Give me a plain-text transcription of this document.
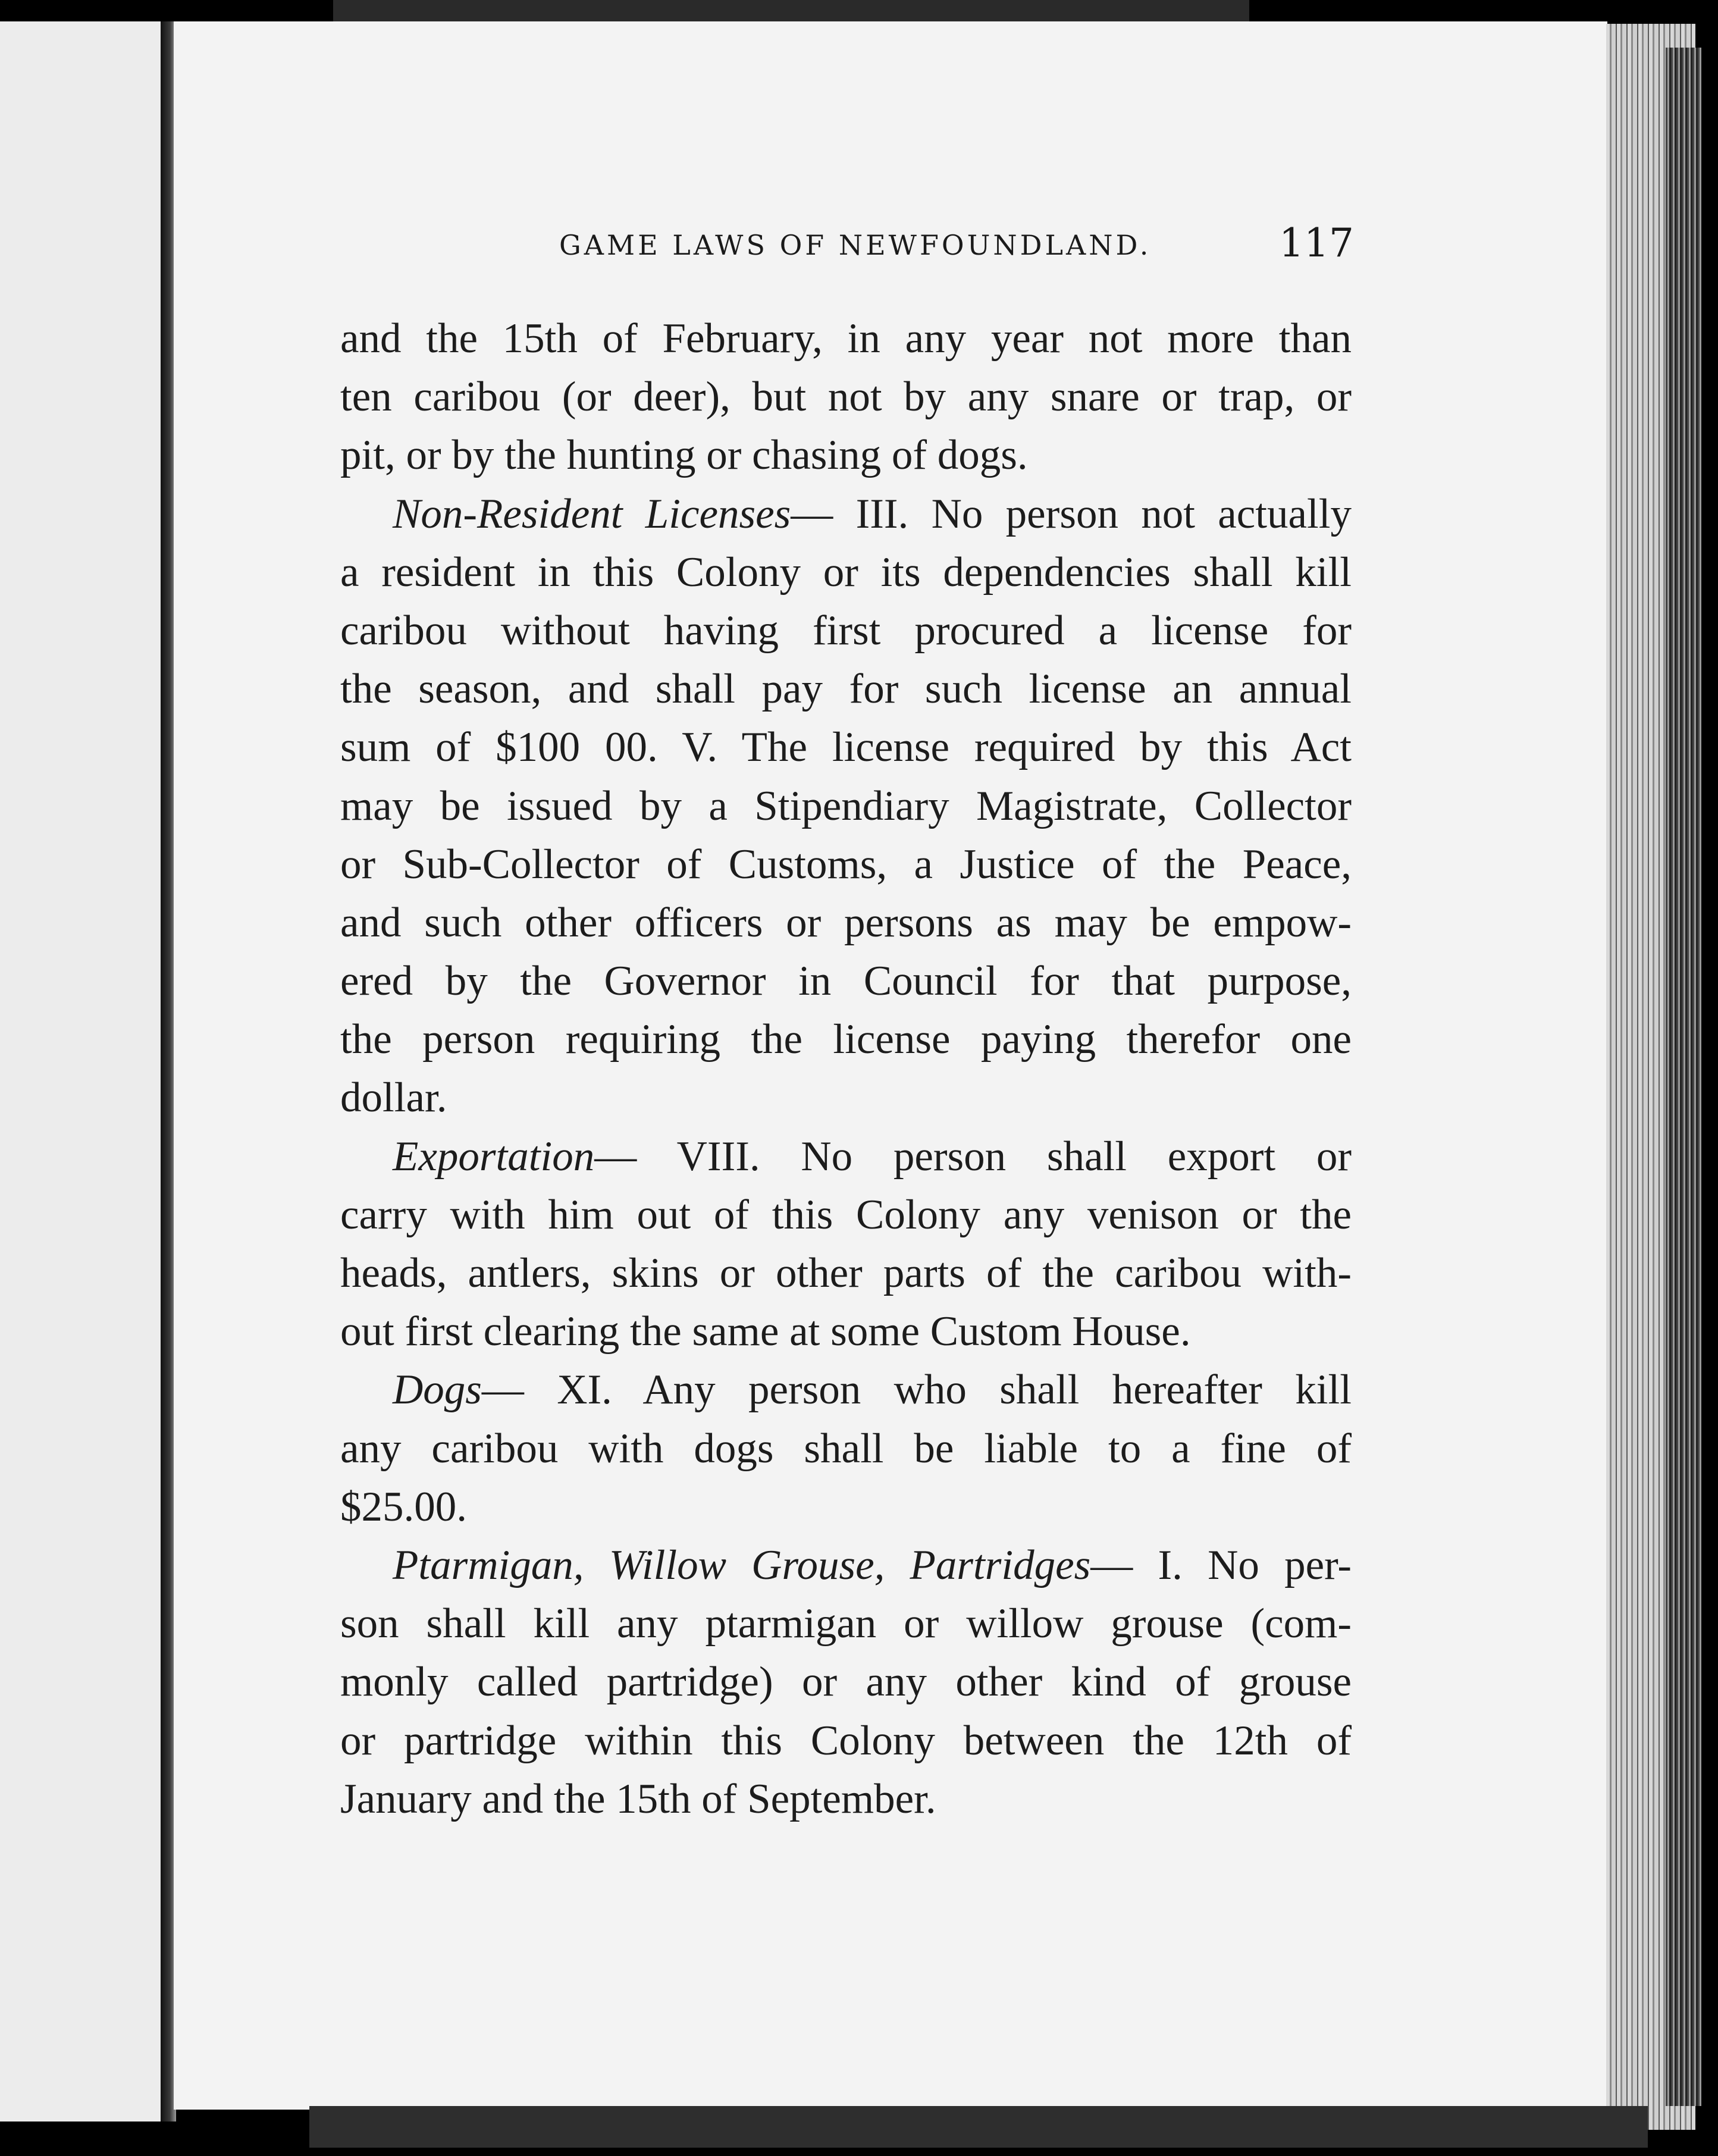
GAME LAWS OF NEWFOUNDLAND.	117
and the 15th of February, in any year not more than
ten caribou (or deer), but not by any snare or trap, or
pit, or by the hunting or chasing of dogs.
Non-Resident Licenses— III. No person not actually
a resident in this Colony or its dependencies shall kill
caribou without having first procured a license for
the season, and shall pay for such license an annual
sum of $100 00. V. The license required by this Act
may be issued by a Stipendiary Magistrate, Collector
or Sub-Collector of Customs, a Justice of the Peace,
and such other officers or persons as may be empow-
ered by the Governor in Council for that purpose,
the person requiring the license paying therefor one
dollar.
Exportation— VIII. No person shall export or
carry with him out of this Colony any venison or the
heads, antlers, skins or other parts of the caribou with-
out first clearing the same at some Custom House.
Dogs— XI. Any person who shall hereafter kill
any caribou with dogs shall be liable to a fine of
$25.00.
Ptarmigan, Willow Grouse, Partridges— I. No per-
son shall kill any ptarmigan or willow grouse (com-
monly called partridge) or any other kind of grouse
or partridge within this Colony between the 12th of
January and the 15th of September.
